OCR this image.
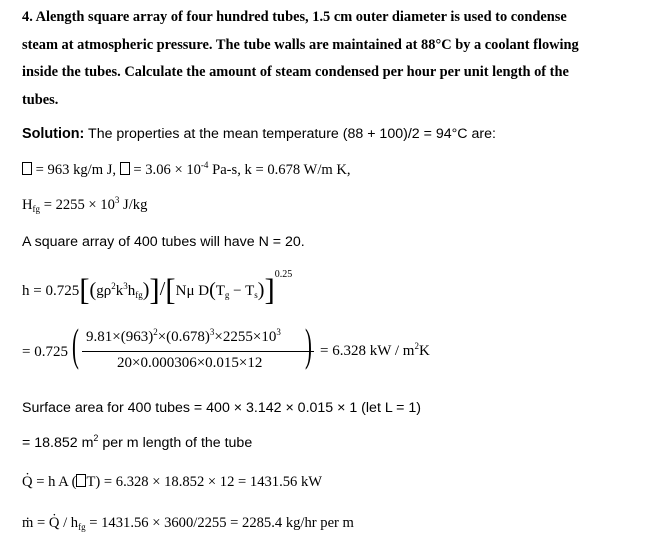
4. Alength square array of four hundred tubes, 1.5 cm outer diameter is used to condense
steam at atmospheric pressure. The tube walls are maintained at 88°C by a coolant flowing
inside the tubes. Calculate the amount of steam condensed per hour per unit length of the
tubes.
Solution: The properties at the mean temperature (88 + 100)/2 = 94°C are:
= 963 kg/m J, = $3.06 \times 10^{-4}$ Pa-s, k = 0.678 W/m K,
$H_{fg} = 2255 \times 10^3$ J/kg
A square array of 400 tubes will have N = 20.
$h = 0.725[(g\rho^2k^3h_{fg})]/[N\mu$ $D(T_g - T_s)]^{0.25}$
= 0.725 ( $9.81\times(963)^2\times(0.678)^3\times 2255\times 10^3$
20×0.000306×0.015×12 ) = 6.328 kW / $m^2K$
Surface area for 400 tubes = 400 × 3.142 × 0.015 × 1 (let L = 1)
= 18.852 $m^2$ per m length of the tube
Q̇ = h A ( T) = 6.328 × 18.852 × 12 = 1431.56 kW
ṁ = Q̇ / $h_{fg} = 1431.56 \times 3600/2255 = 2285.4$ kg/hr per m
